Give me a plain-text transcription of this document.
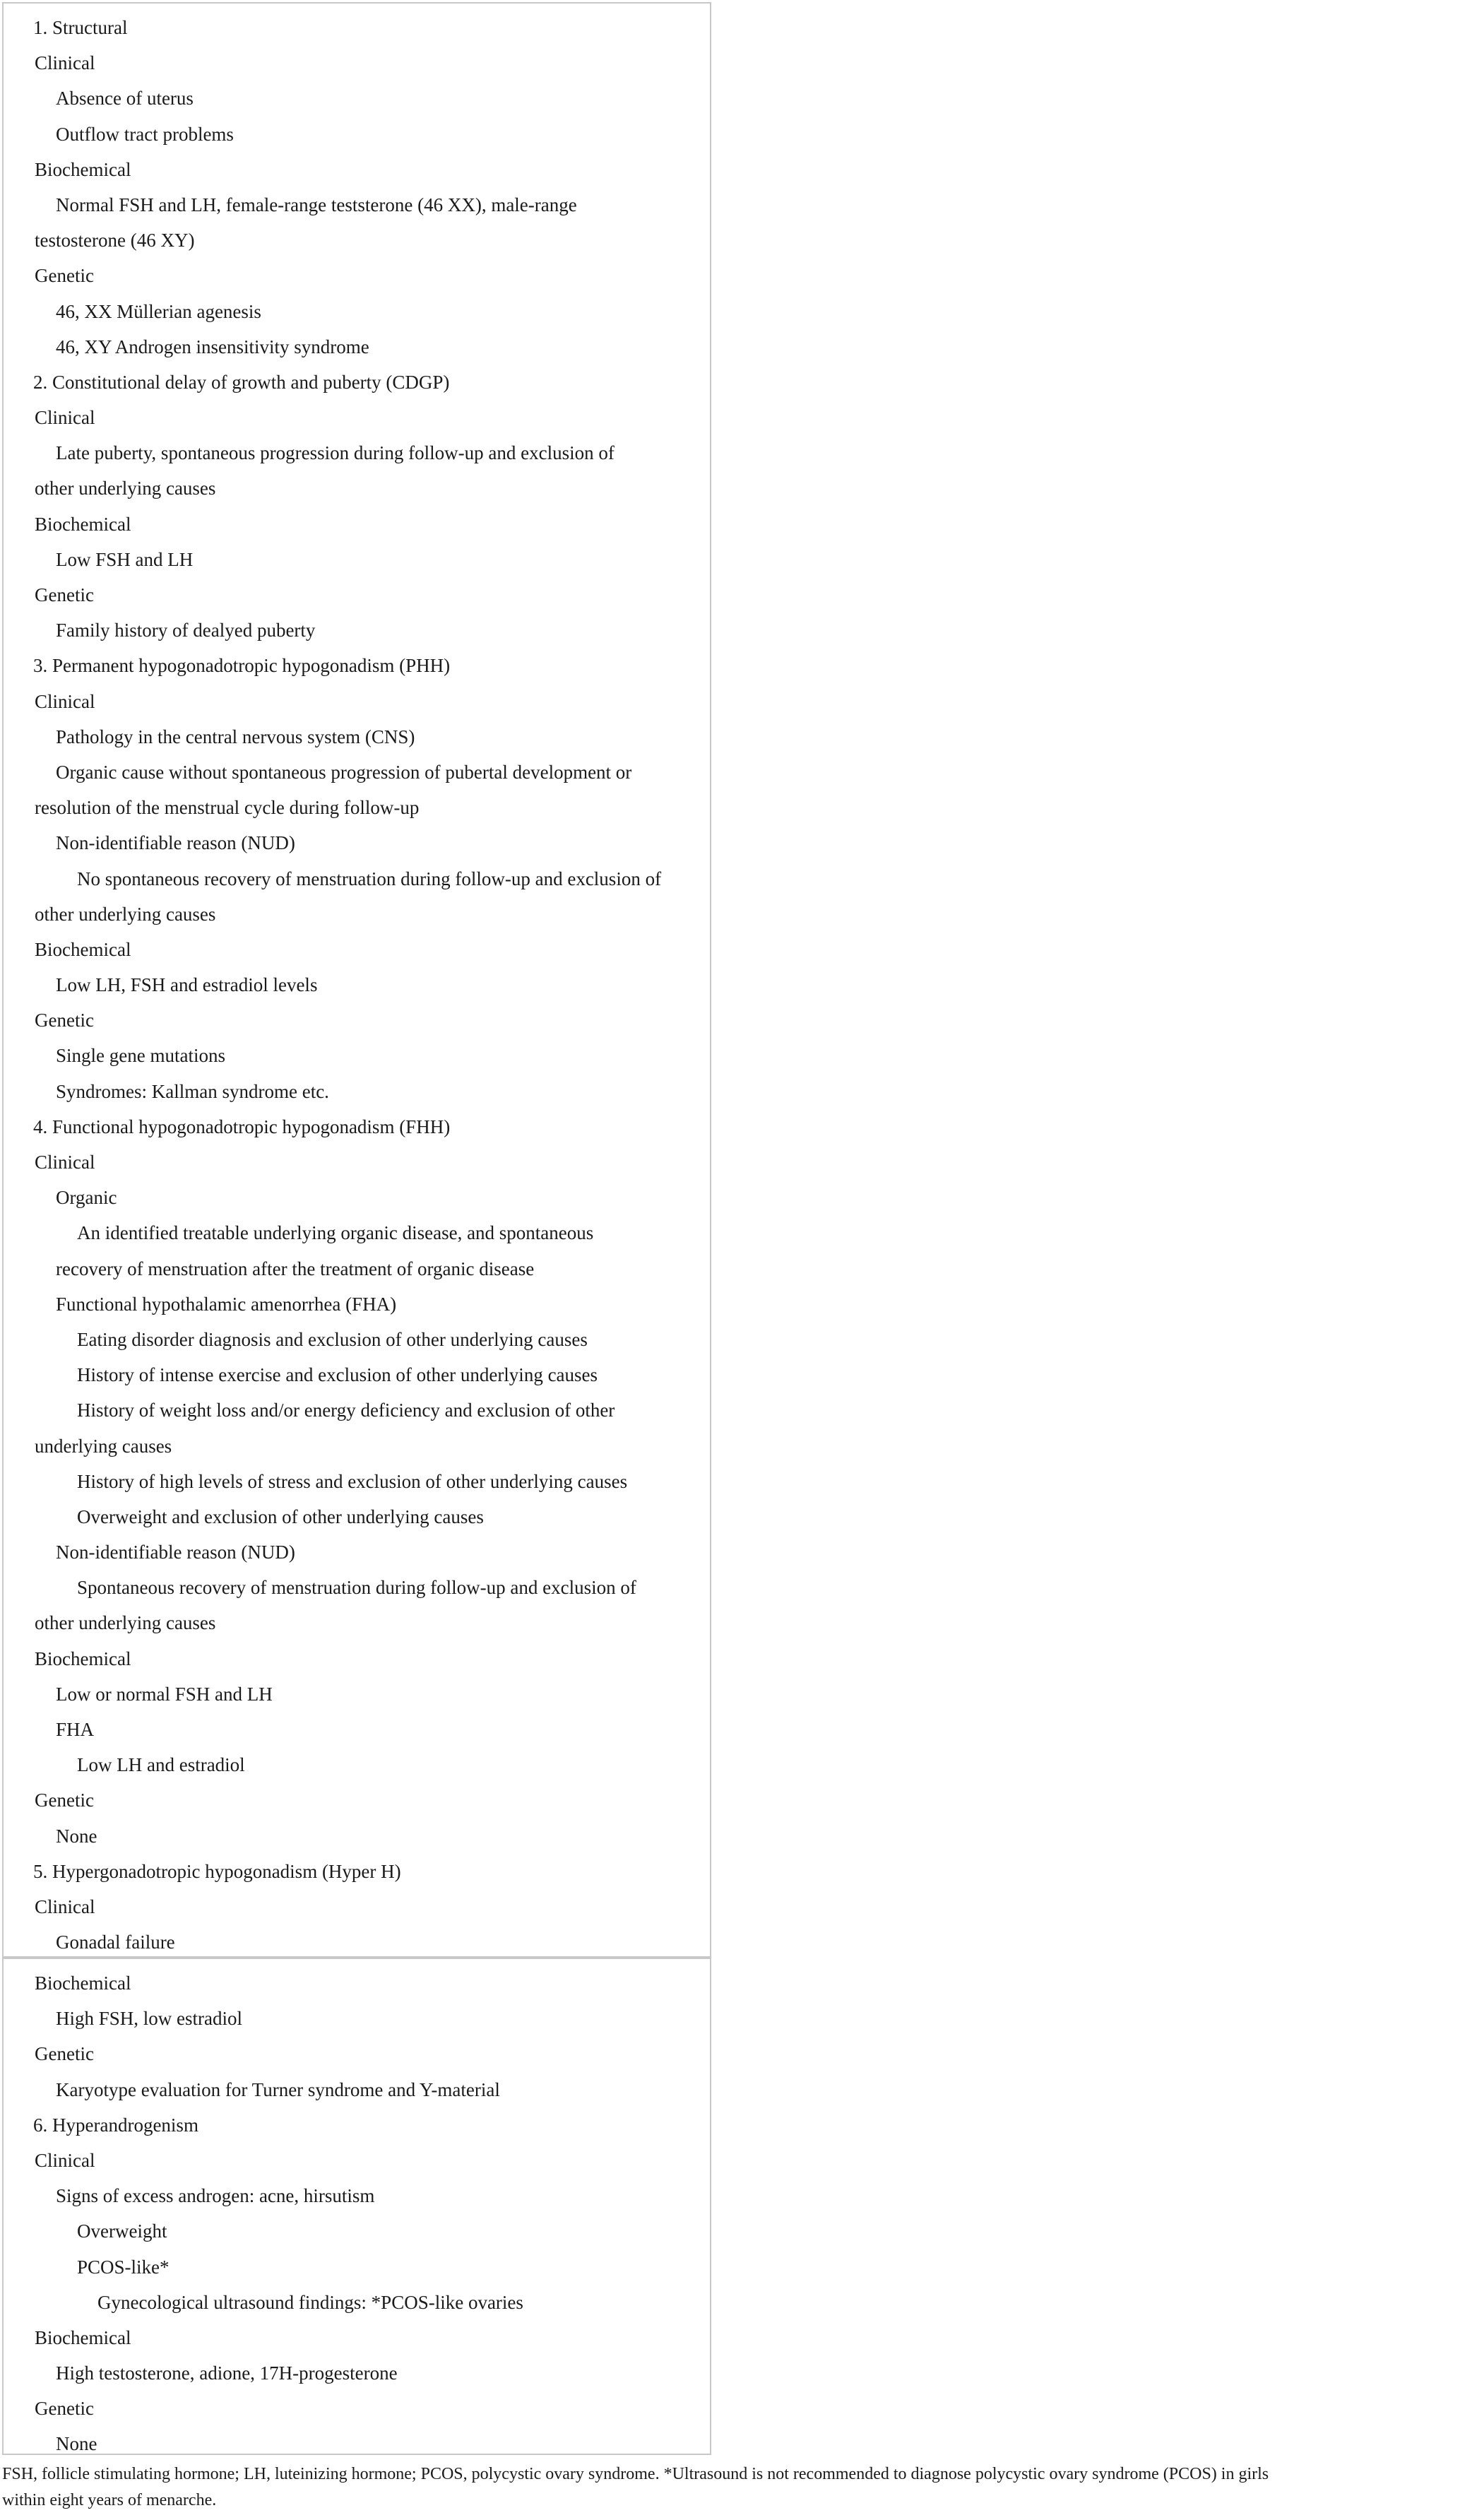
1. Structural
Clinical
Absence of uterus
Outflow tract problems
Biochemical
Normal FSH and LH, female-range teststerone (46 XX), male-range
testosterone (46 XY)
Genetic
46, XX Müllerian agenesis
46, XY Androgen insensitivity syndrome
2. Constitutional delay of growth and puberty (CDGP)
Clinical
Late puberty, spontaneous progression during follow-up and exclusion of
other underlying causes
Biochemical
Low FSH and LH
Genetic
Family history of dealyed puberty
3. Permanent hypogonadotropic hypogonadism (PHH)
Clinical
Pathology in the central nervous system (CNS)
Organic cause without spontaneous progression of pubertal development or
resolution of the menstrual cycle during follow-up
Non-identifiable reason (NUD)
No spontaneous recovery of menstruation during follow-up and exclusion of
other underlying causes
Biochemical
Low LH, FSH and estradiol levels
Genetic
Single gene mutations
Syndromes: Kallman syndrome etc.
4. Functional hypogonadotropic hypogonadism (FHH)
Clinical
Organic
An identified treatable underlying organic disease, and spontaneous
recovery of menstruation after the treatment of organic disease
Functional hypothalamic amenorrhea (FHA)
Eating disorder diagnosis and exclusion of other underlying causes
History of intense exercise and exclusion of other underlying causes
History of weight loss and/or energy deficiency and exclusion of other
underlying causes
History of high levels of stress and exclusion of other underlying causes
Overweight and exclusion of other underlying causes
Non-identifiable reason (NUD)
Spontaneous recovery of menstruation during follow-up and exclusion of
other underlying causes
Biochemical
Low or normal FSH and LH
FHA
Low LH and estradiol
Genetic
None
5. Hypergonadotropic hypogonadism (Hyper H)
Clinical
Gonadal failure
Biochemical
High FSH, low estradiol
Genetic
Karyotype evaluation for Turner syndrome and Y-material
6. Hyperandrogenism
Clinical
Signs of excess androgen: acne, hirsutism
Overweight
PCOS-like*
Gynecological ultrasound findings: *PCOS-like ovaries
Biochemical
High testosterone, adione, 17H-progesterone
Genetic
None
FSH, follicle stimulating hormone; LH, luteinizing hormone; PCOS, polycystic ovary syndrome. *Ultrasound is not recommended to diagnose polycystic ovary syndrome (PCOS) in girls
within eight years of menarche.
